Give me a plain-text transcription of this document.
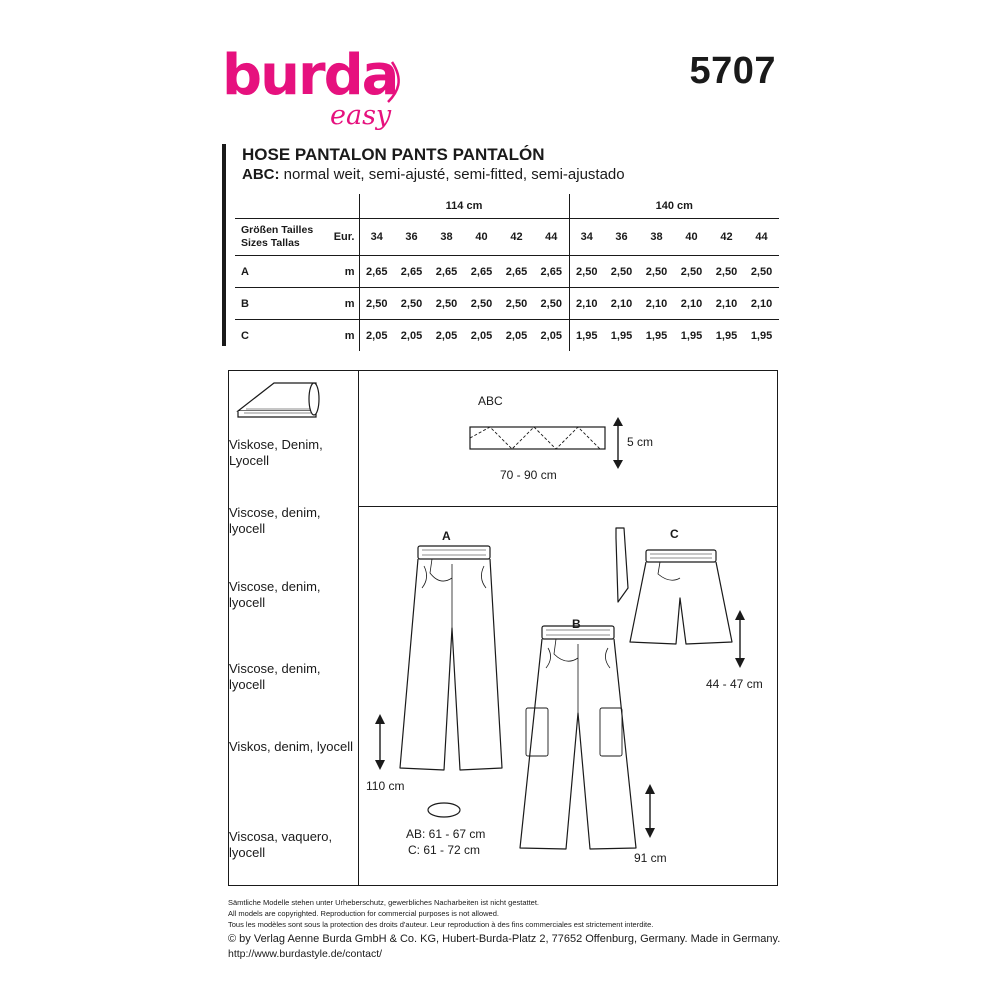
burda
easy
5707
HOSE PANTALON PANTS PANTALÓN
ABC: normal weit, semi-ajusté, semi-fitted, semi-ajustado
		114 cm						140 cm					

Größen Tailles
Sizes Tallas	Eur.	34	36	38	40	42	44	34	36	38	40	42	44
A	m	2,65	2,65	2,65	2,65	2,65	2,65	2,50	2,50	2,50	2,50	2,50	2,50
B	m	2,50	2,50	2,50	2,50	2,50	2,50	2,10	2,10	2,10	2,10	2,10	2,10
C	m	2,05	2,05	2,05	2,05	2,05	2,05	1,95	1,95	1,95	1,95	1,95	1,95
Viskose, Denim,
Lyocell
Viscose, denim, lyocell
Viscose, denim, lyocell
Viscose, denim, lyocell
Viskos, denim, lyocell
Viscosa, vaquero,
lyocell
ABC
5 cm
70 - 90 cm
A
B
C
110 cm
91 cm
44 - 47 cm
AB: 61 - 67 cm
C: 61 - 72 cm
Sämtliche Modelle stehen unter Urheberschutz, gewerbliches Nacharbeiten ist nicht gestattet.
All models are copyrighted. Reproduction for commercial purposes is not allowed.
Tous les modèles sont sous la protection des droits d'auteur. Leur reproduction à des fins commerciales est strictement interdite.
© by Verlag Aenne Burda GmbH & Co. KG, Hubert-Burda-Platz 2, 77652 Offenburg, Germany. Made in Germany.
http://www.burdastyle.de/contact/
